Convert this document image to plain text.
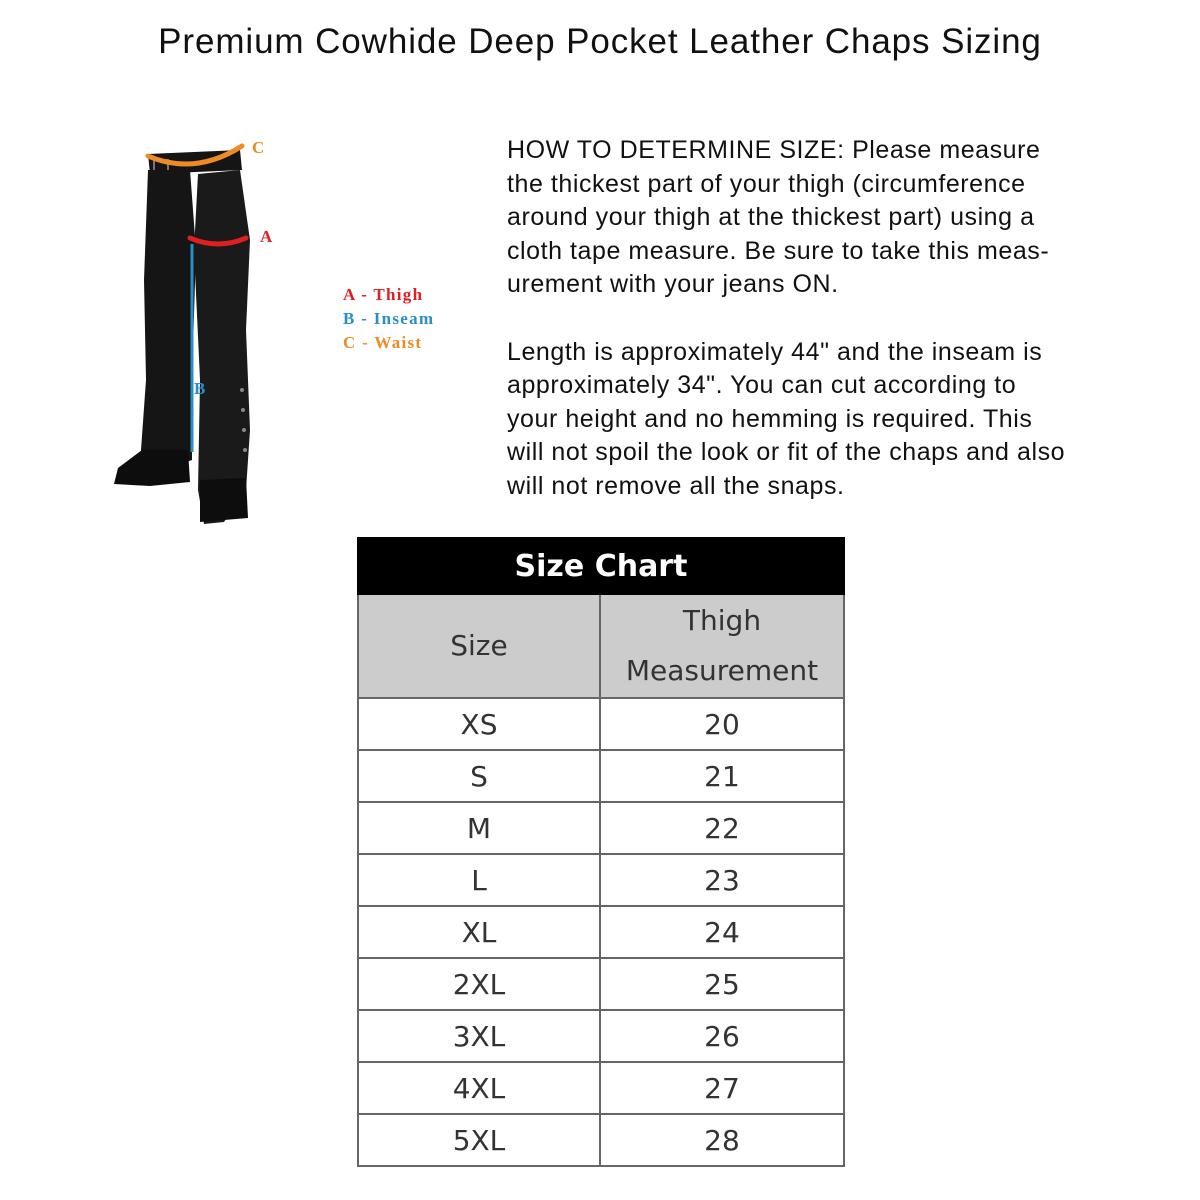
Premium Cowhide Deep Pocket Leather Chaps Sizing
C
A
B
A - Thigh
B - Inseam
C - Waist

HOW TO DETERMINE SIZE: Please measure

the thickest part of your thigh (circumference

around your thigh at the thickest part) using a

cloth tape measure. Be sure to take this meas-

urement with your jeans ON.

Length is approximately 44" and the inseam is

approximately 34". You can cut according to

your height and no hemming is required. This

will not spoil the look or fit of the chaps and also

will not remove all the snaps.

Size Chart	
Size	Thigh
Measurement
XS	20
S	21
M	22
L	23
XL	24
2XL	25
3XL	26
4XL	27
5XL	28
